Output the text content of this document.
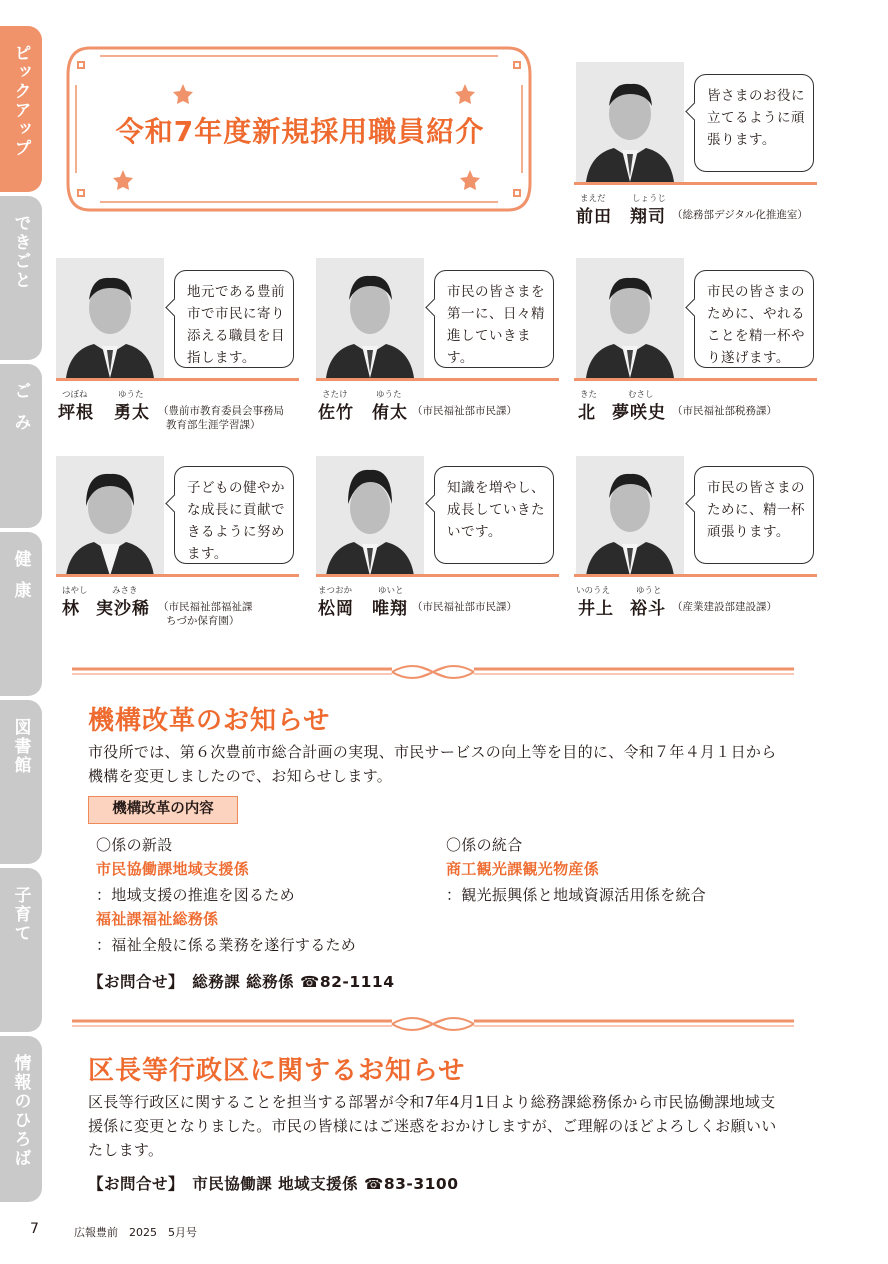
ピックアップ
できごと
ごみ
健康
図書館
子育て
情報のひろば
令和7年度新規採用職員紹介
皆さまのお役に立てるように頑張ります。
まえだ	しょうじ
前田 翔司 （総務部デジタル化推進室）
地元である豊前市で市民に寄り添える職員を目指します。
つぼね	ゆうた
坪根 勇太 （豊前市教育委員会事務局
教育部生涯学習課）
市民の皆さまを第一に、日々精進していきます。
さたけ	ゆうた
佐竹 侑太 （市民福祉部市民課）
市民の皆さまのために、やれることを精一杯やり遂げます。
きた	むさし
北 夢咲史 （市民福祉部税務課）
子どもの健やかな成長に貢献できるように努めます。
はやし	みさき
林 実沙稀 （市民福祉部福祉課
ちづか保育園）
知識を増やし、成長していきたいです。
まつおか	ゆいと
松岡 唯翔 （市民福祉部市民課）
市民の皆さまのために、精一杯頑張ります。
いのうえ	ゆうと
井上 裕斗 （産業建設部建設課）
機構改革のお知らせ
市役所では、第６次豊前市総合計画の実現、市民サービスの向上等を目的に、令和７年４月１日から機構を変更しましたので、お知らせします。
機構改革の内容
〇係の新設
市民協働課地域支援係
：地域支援の推進を図るため
福祉課福祉総務係
：福祉全般に係る業務を遂行するため
〇係の統合
商工観光課観光物産係
：観光振興係と地域資源活用係を統合
【お問合せ】　総務課 総務係 ☎82-1114
区長等行政区に関するお知らせ
区長等行政区に関することを担当する部署が令和7年4月1日より総務課総務係から市民協働課地域支援係に変更となりました。市民の皆様にはご迷惑をおかけしますが、ご理解のほどよろしくお願いいたします。
【お問合せ】　市民協働課 地域支援係 ☎83-3100
7	広報豊前　2025　5月号
